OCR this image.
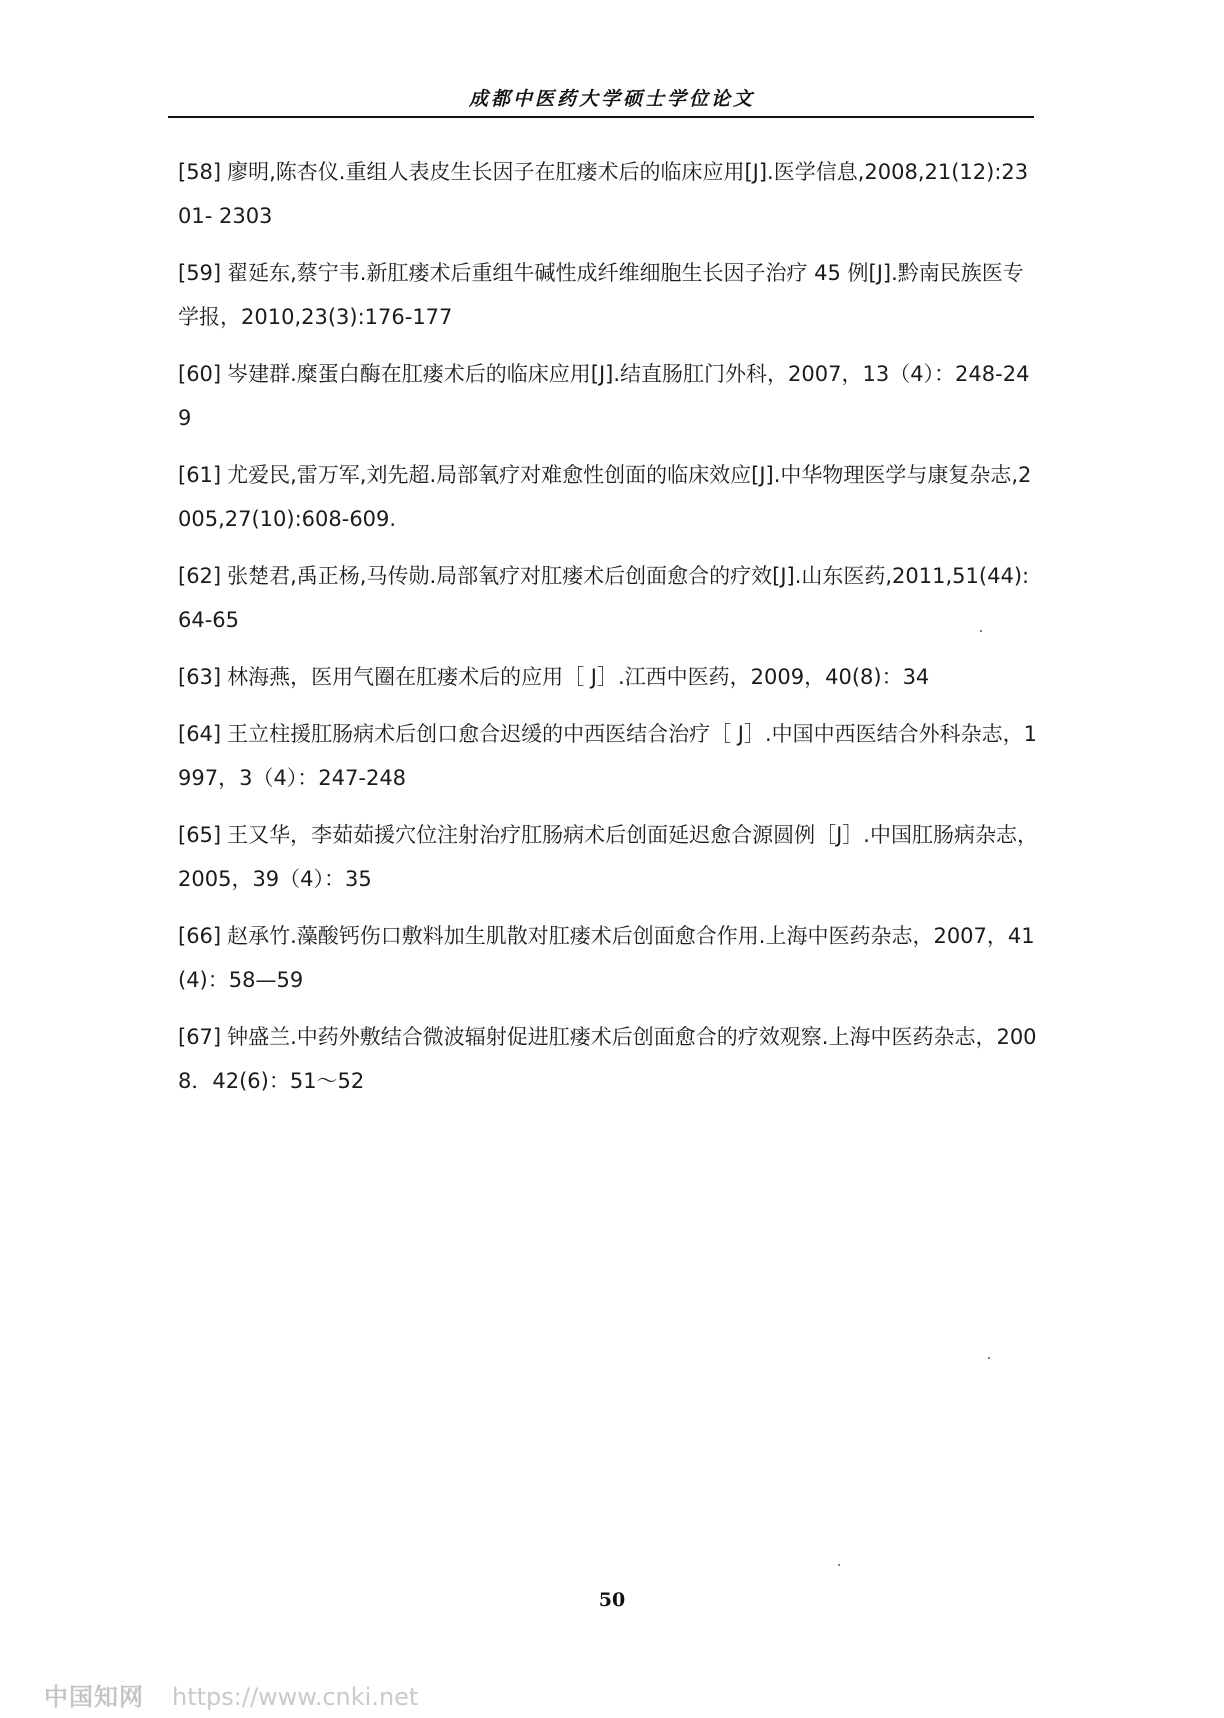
成都中医药大学硕士学位论文
[58] 廖明,陈杏仪.重组人表皮生长因子在肛瘘术后的临床应用[J].医学信息,2008,21(12):2301- 2303
[59] 翟延东,蔡宁韦.新肛瘘术后重组牛碱性成纤维细胞生长因子治疗 45 例[J].黔南民族医专学报，2010,23(3):176-177
[60] 岑建群.糜蛋白酶在肛瘘术后的临床应用[J].结直肠肛门外科，2007，13（4）：248-249
[61] 尤爱民,雷万军,刘先超.局部氧疗对难愈性创面的临床效应[J].中华物理医学与康复杂志,2005,27(10):608-609.
[62] 张楚君,禹正杨,马传勋.局部氧疗对肛瘘术后创面愈合的疗效[J].山东医药,2011,51(44):64-65
[63] 林海燕，医用气圈在肛瘘术后的应用［ J］.江西中医药，2009，40(8)：34
[64] 王立柱援肛肠病术后创口愈合迟缓的中西医结合治疗［ J］.中国中西医结合外科杂志，1997，3（4）：247-248
[65] 王又华，李茹茹援穴位注射治疗肛肠病术后创面延迟愈合源圆例［J］.中国肛肠病杂志，2005，39（4）：35
[66] 赵承竹.藻酸钙伤口敷料加生肌散对肛瘘术后创面愈合作用.上海中医药杂志，2007，41(4)：58—59
[67] 钟盛兰.中药外敷结合微波辐射促进肛瘘术后创面愈合的疗效观察.上海中医药杂志，2008．42(6)：51～52
50
中国知网 https://www.cnki.net
